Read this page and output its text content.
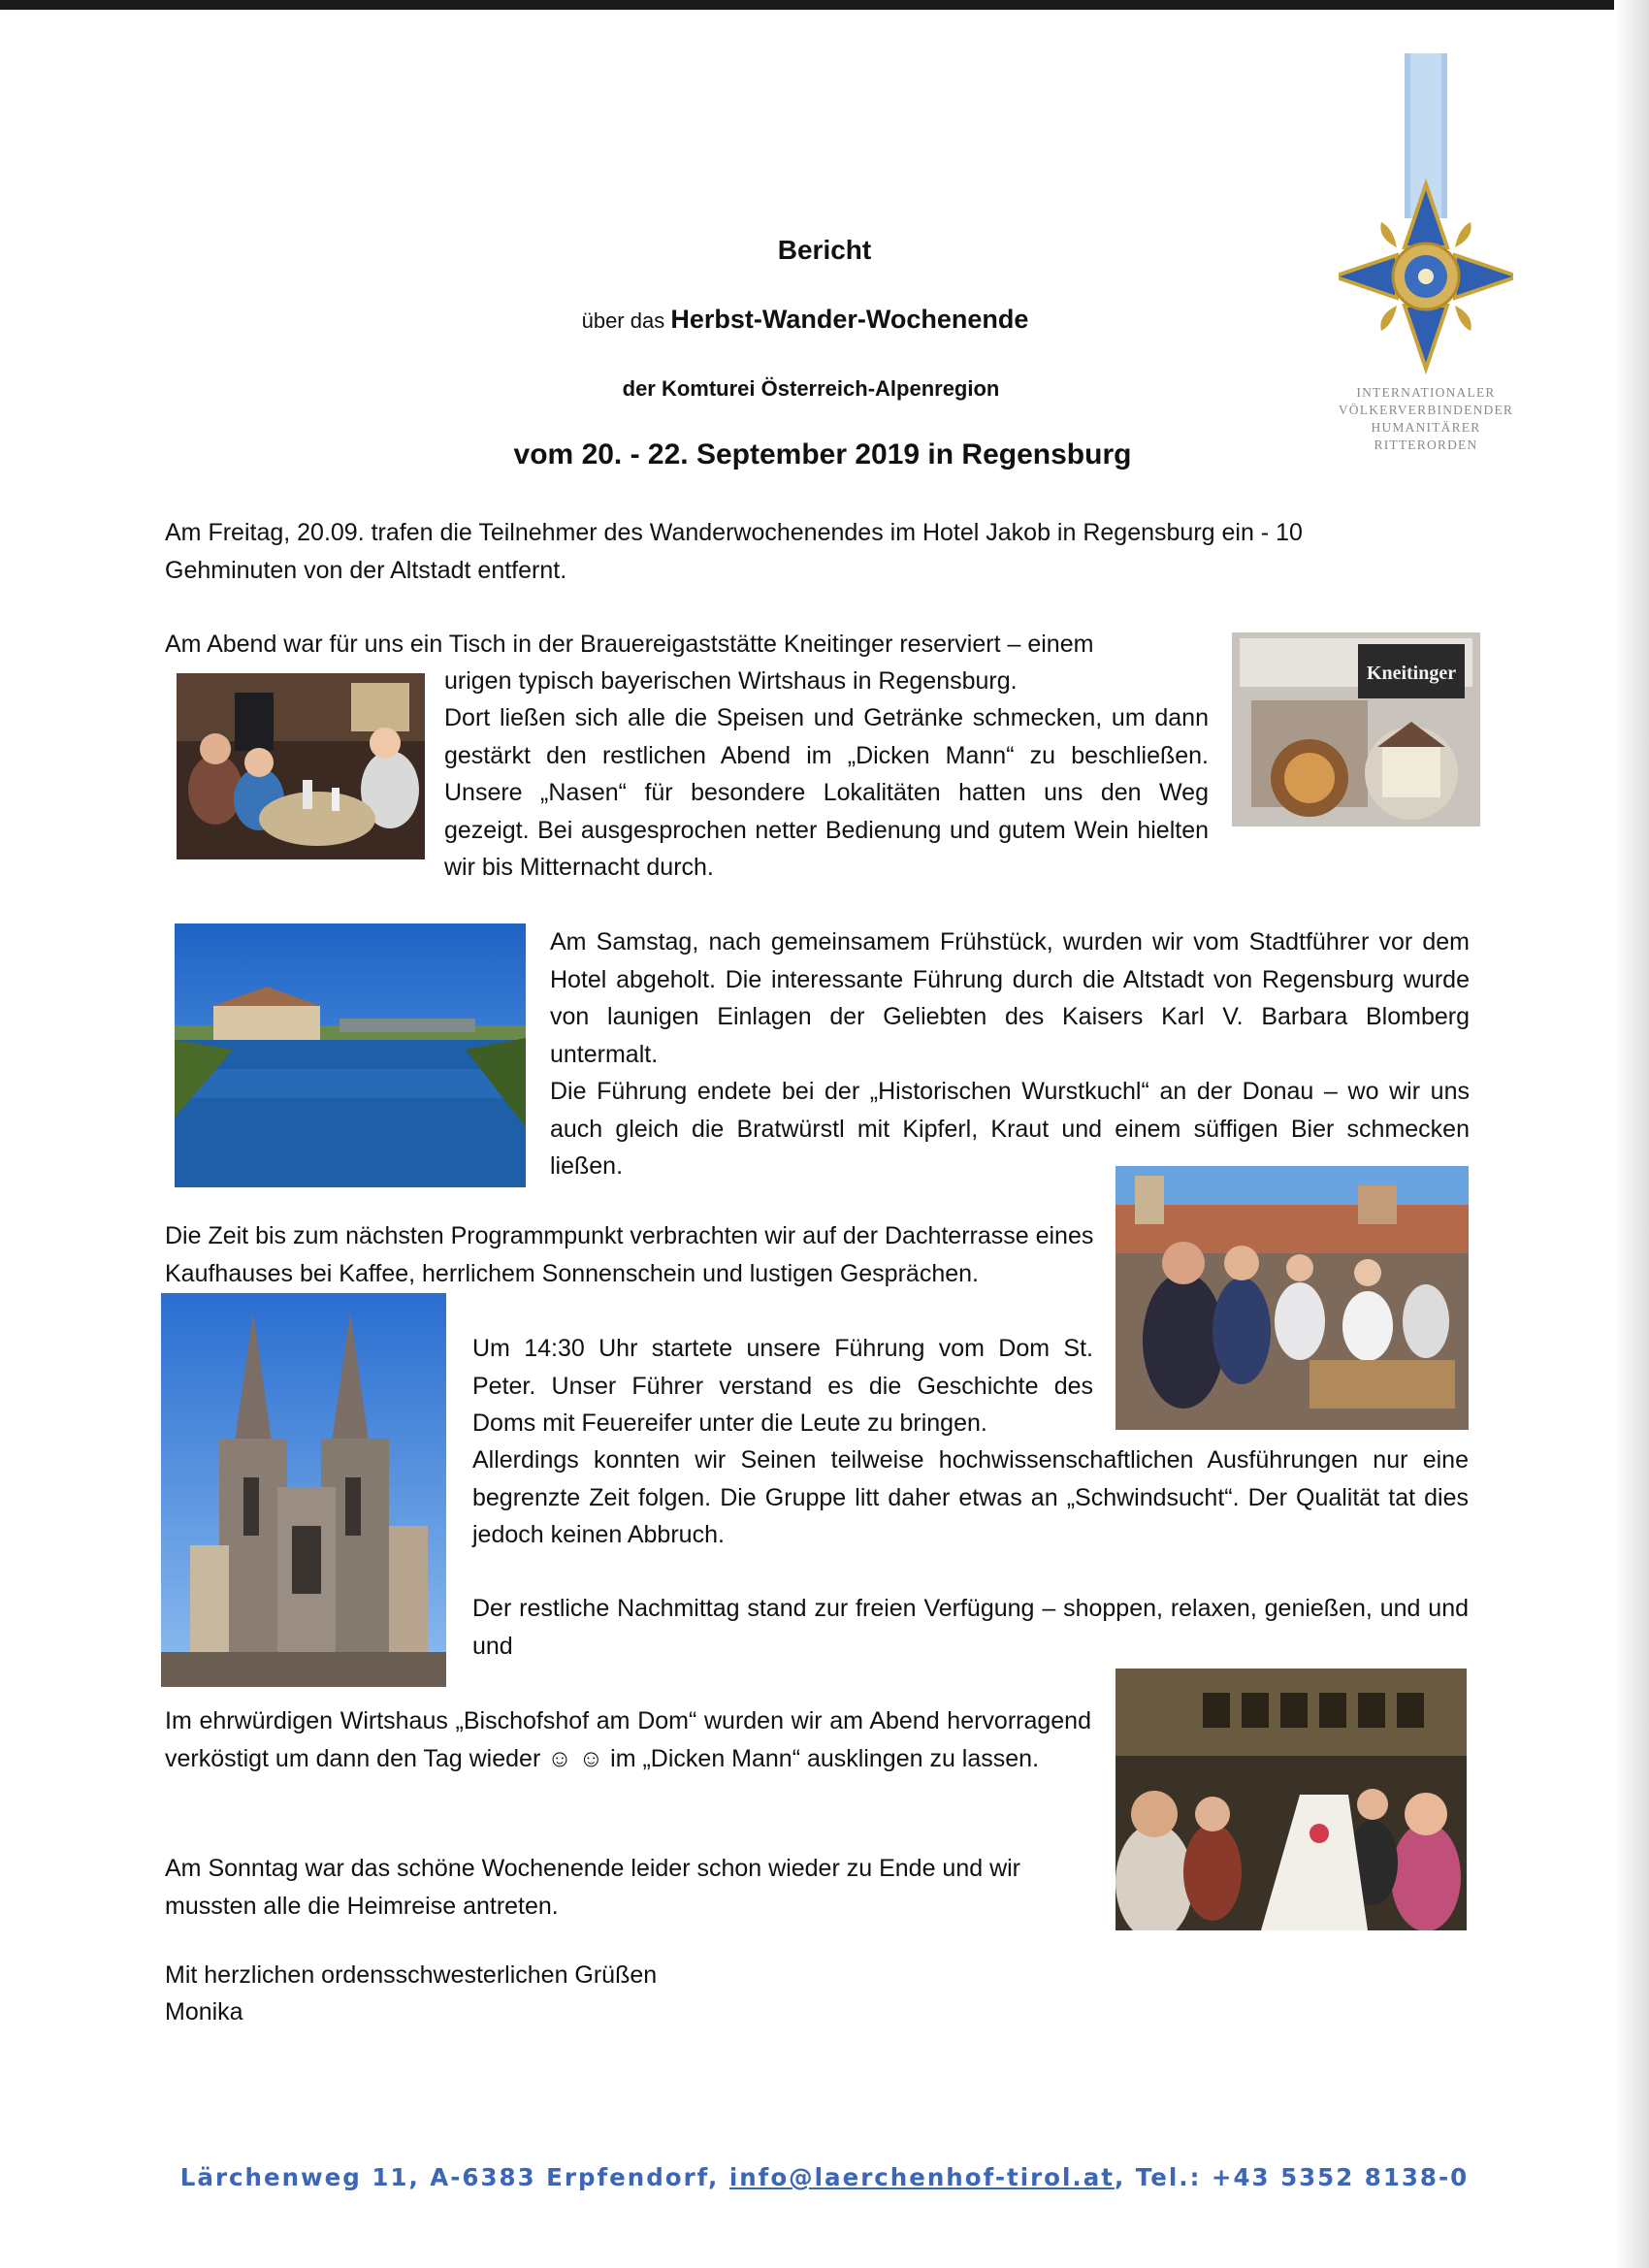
Bericht
über das Herbst-Wander-Wochenende
der Komturei Österreich-Alpenregion
vom 20. - 22. September 2019 in Regensburg
INTERNATIONALER
VÖLKERVERBINDENDER
HUMANITÄRER
RITTERORDEN
Am Freitag, 20.09. trafen die Teilnehmer des Wanderwochenendes im Hotel Jakob in Regensburg ein - 10 Gehminuten von der Altstadt entfernt.
Am Abend war für uns ein Tisch in der Brauereigaststätte Kneitinger reserviert – einem
urigen typisch bayerischen Wirtshaus in Regensburg.
Dort ließen sich alle die Speisen und Getränke schmecken, um dann gestärkt den restlichen Abend im „Dicken Mann“ zu beschließen. Unsere „Nasen“ für besondere Lokalitäten hatten uns den Weg gezeigt. Bei ausgesprochen netter Bedienung und gutem Wein hielten wir bis Mitternacht durch.
Kneitinger
Am Samstag, nach gemeinsamem Frühstück, wurden wir vom Stadtführer vor dem Hotel abgeholt. Die interessante Führung durch die Altstadt von Regensburg wurde von launigen Einlagen der Geliebten des Kaisers Karl V. Barbara Blomberg untermalt.
Die Führung endete bei der „Historischen Wurstkuchl“ an der Donau – wo wir uns auch gleich die Bratwürstl mit Kipferl, Kraut und einem süffigen Bier schmecken ließen.
Die Zeit bis zum nächsten Programmpunkt verbrachten wir auf der Dachterrasse eines Kaufhauses bei Kaffee, herrlichem Sonnenschein und lustigen Gesprächen.
Um 14:30 Uhr startete unsere Führung vom Dom St. Peter. Unser Führer verstand es die Geschichte des Doms mit Feuereifer unter die Leute zu bringen.
Allerdings konnten wir Seinen teilweise hochwissenschaftlichen Ausführungen nur eine begrenzte Zeit folgen. Die Gruppe litt daher etwas an „Schwindsucht“. Der Qualität tat dies jedoch keinen Abbruch.
Der restliche Nachmittag stand zur freien Verfügung – shoppen, relaxen, genießen, und und und
Im ehrwürdigen Wirtshaus „Bischofshof am Dom“ wurden wir am Abend hervorragend verköstigt um dann den Tag wieder ☺ ☺ im „Dicken Mann“ ausklingen zu lassen.
Am Sonntag war das schöne Wochenende leider schon wieder zu Ende und wir mussten alle die Heimreise antreten.
Mit herzlichen ordensschwesterlichen Grüßen
Monika
Lärchenweg 11, A-6383 Erpfendorf, info@laerchenhof-tirol.at, Tel.: +43 5352 8138-0
